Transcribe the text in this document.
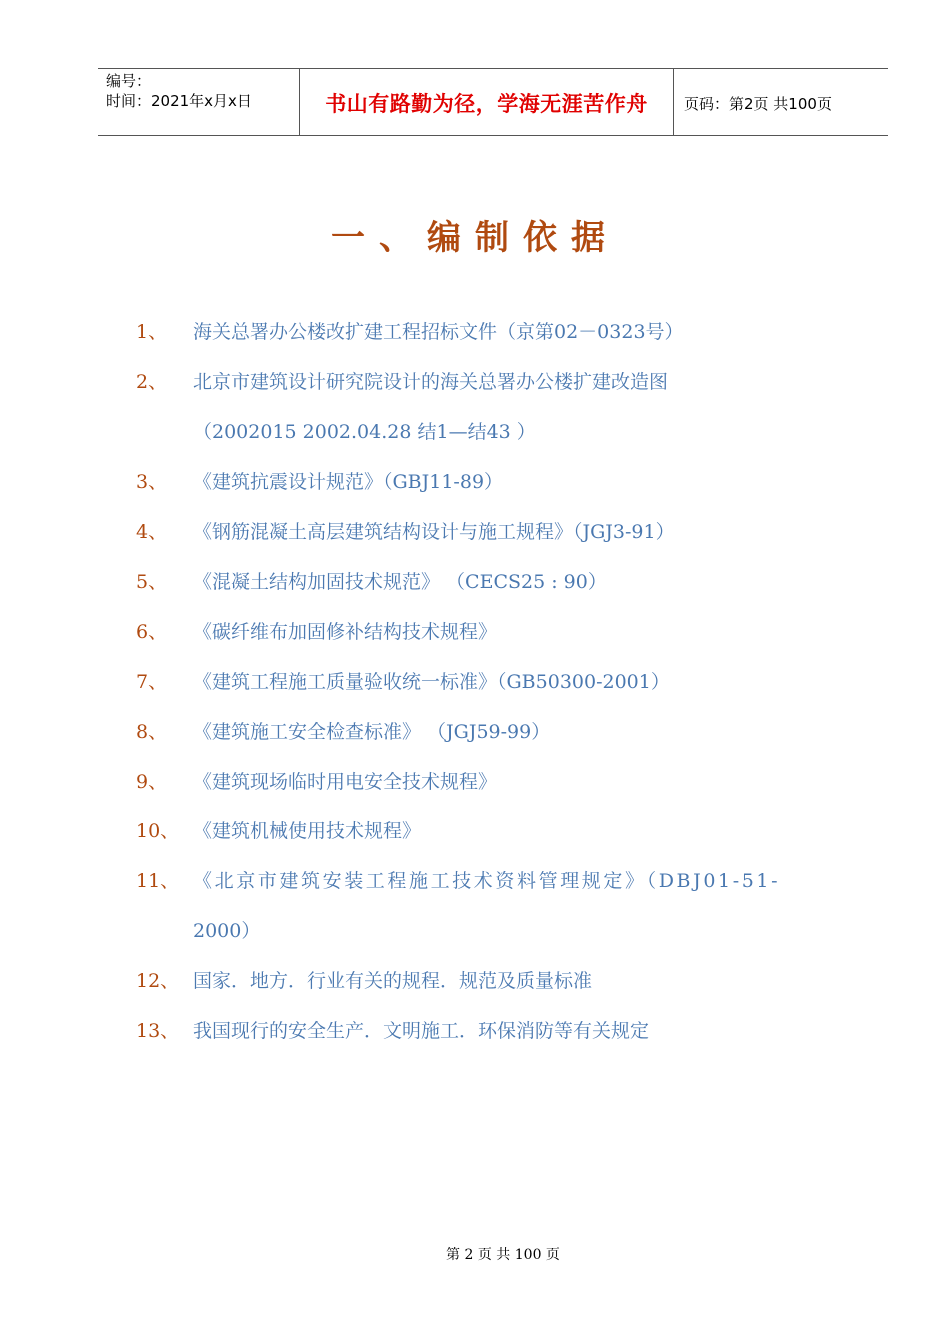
编号：
时间：2021年x月x日	书山有路勤为径，学海无涯苦作舟	页码：第2页 共100页
一、编制依据
1、 海关总署办公楼改扩建工程招标文件（京第02－0323号）
2、 北京市建筑设计研究院设计的海关总署办公楼扩建改造图
（2002015 2002.04.28 结1—结43 ）
3、 《建筑抗震设计规范》（GBJ11-89）
4、 《钢筋混凝土高层建筑结构设计与施工规程》（JGJ3-91）
5、 《混凝土结构加固技术规范》 （CECS25 : 90）
6、 《碳纤维布加固修补结构技术规程》
7、 《建筑工程施工质量验收统一标准》（GB50300-2001）
8、 《建筑施工安全检查标准》 （JGJ59-99）
9、 《建筑现场临时用电安全技术规程》
10、 《建筑机械使用技术规程》
11、 《北京市建筑安装工程施工技术资料管理规定》（DBJ01-51-
2000）
12、 国家．地方．行业有关的规程．规范及质量标准
13、 我国现行的安全生产．文明施工．环保消防等有关规定
第 2 页 共 100 页
